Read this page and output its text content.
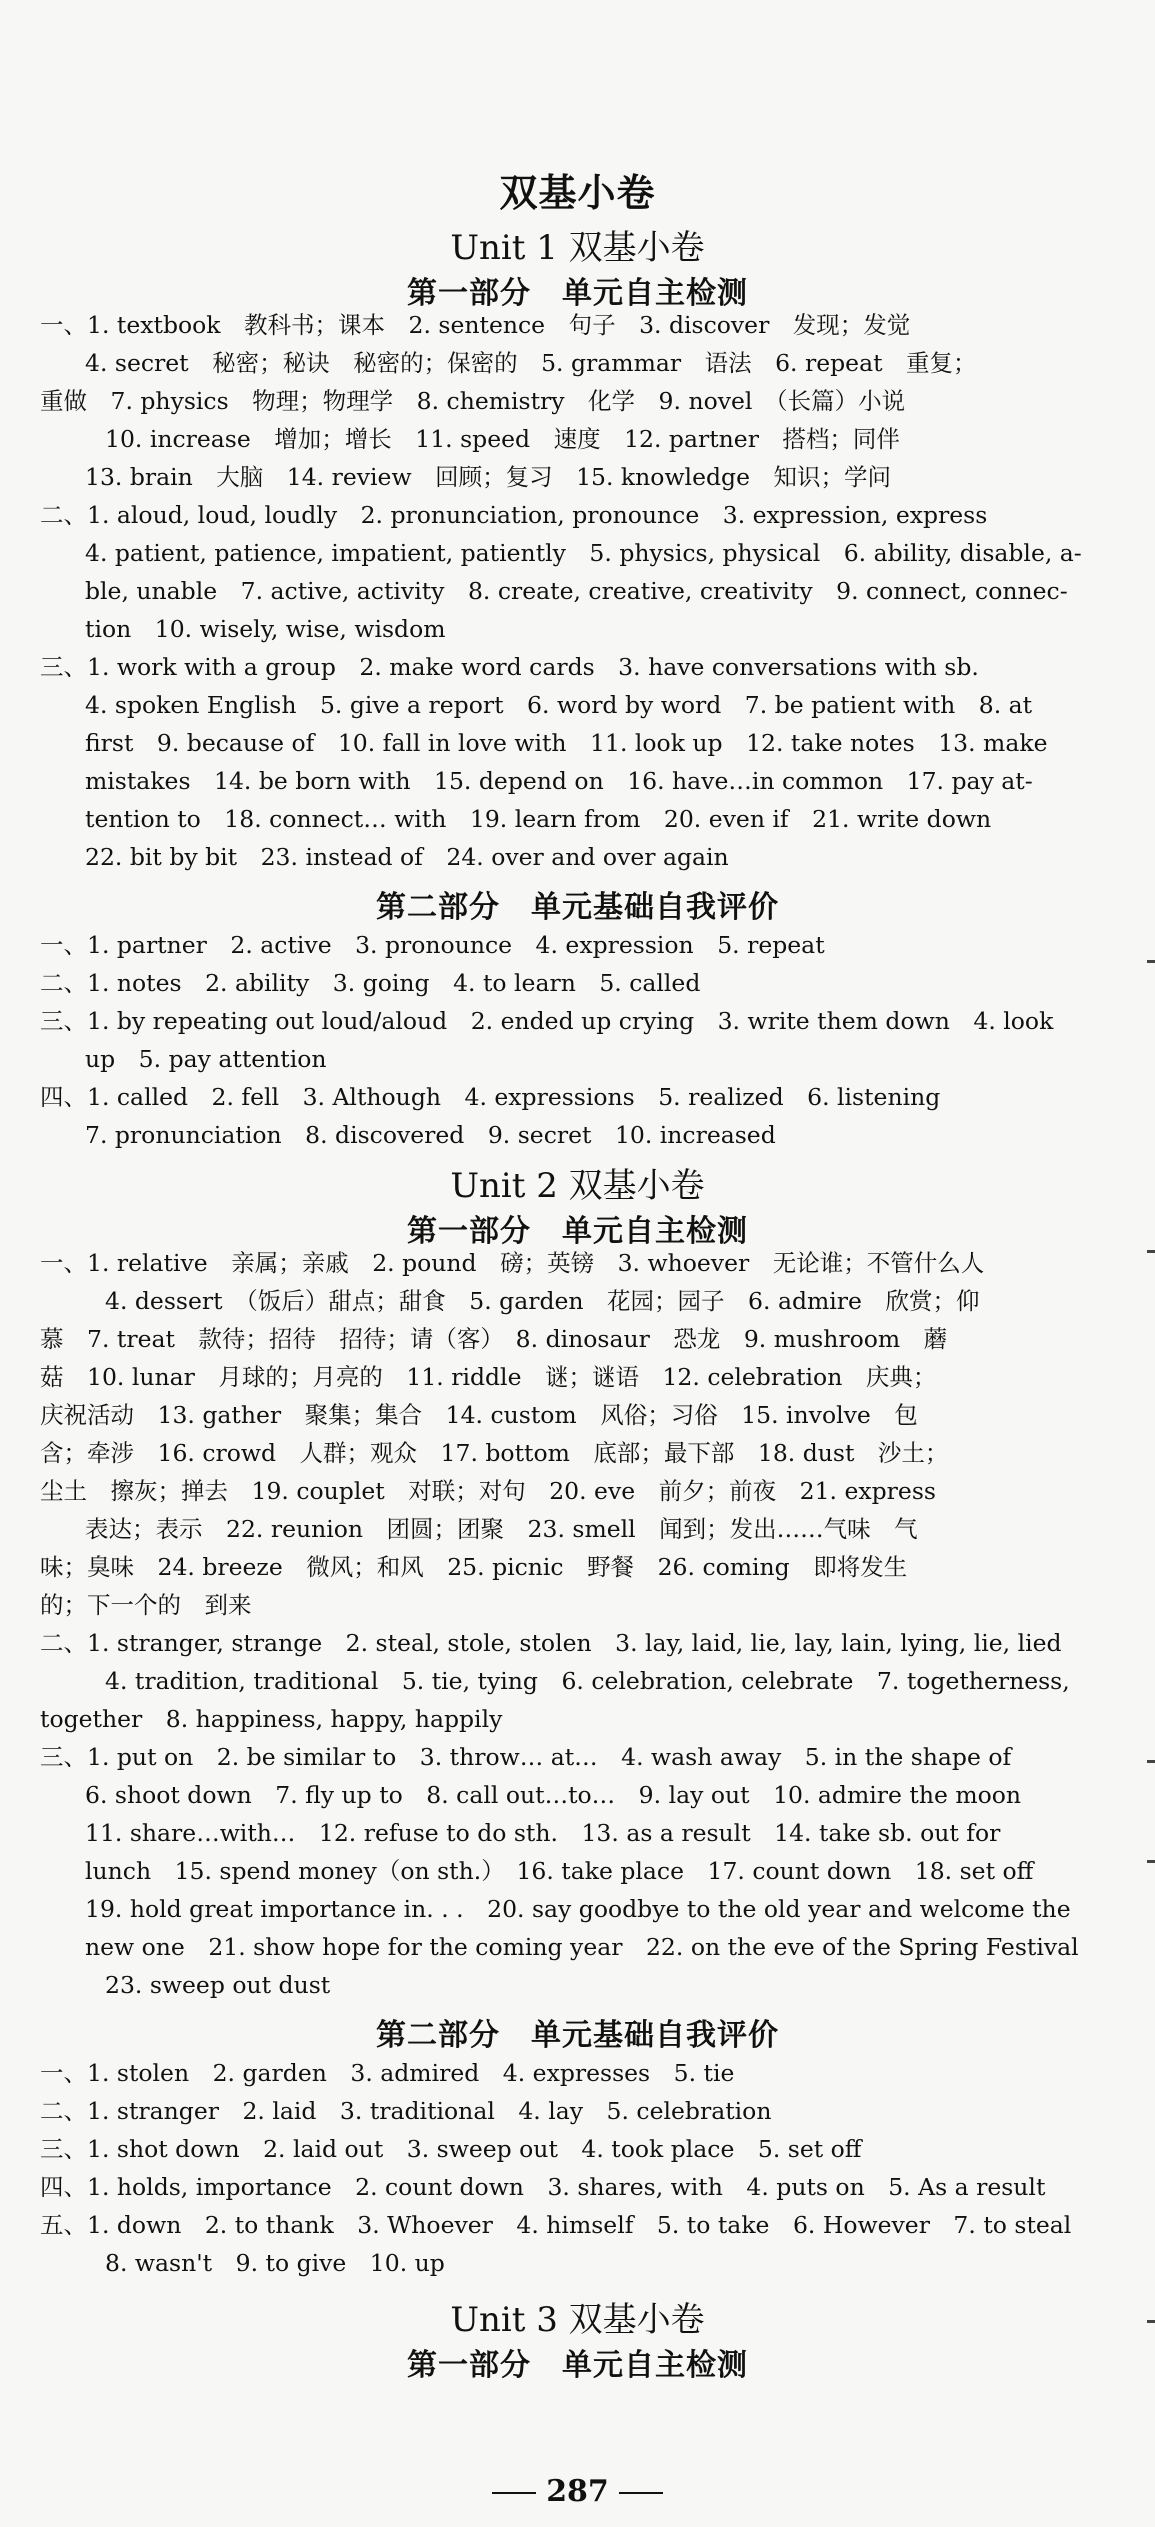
双基小卷
Unit 1 双基小卷
第一部分　单元自主检测
一、1. textbook　教科书；课本　2. sentence　句子　3. discover　发现；发觉
4. secret　秘密；秘诀　秘密的；保密的　5. grammar　语法　6. repeat　重复；
重做　7. physics　物理；物理学　8. chemistry　化学　9. novel　（长篇）小说
10. increase　增加；增长　11. speed　速度　12. partner　搭档；同伴
13. brain　大脑　14. review　回顾；复习　15. knowledge　知识；学问
二、1. aloud, loud, loudly　2. pronunciation, pronounce　3. expression, express
4. patient, patience, impatient, patiently　5. physics, physical　6. ability, disable, a-
ble, unable　7. active, activity　8. create, creative, creativity　9. connect, connec-
tion　10. wisely, wise, wisdom
三、1. work with a group　2. make word cards　3. have conversations with sb.
4. spoken English　5. give a report　6. word by word　7. be patient with　8. at
first　9. because of　10. fall in love with　11. look up　12. take notes　13. make
mistakes　14. be born with　15. depend on　16. have…in common　17. pay at-
tention to　18. connect… with　19. learn from　20. even if　21. write down
22. bit by bit　23. instead of　24. over and over again
第二部分　单元基础自我评价
一、1. partner　2. active　3. pronounce　4. expression　5. repeat
二、1. notes　2. ability　3. going　4. to learn　5. called
三、1. by repeating out loud/aloud　2. ended up crying　3. write them down　4. look
up　5. pay attention
四、1. called　2. fell　3. Although　4. expressions　5. realized　6. listening
7. pronunciation　8. discovered　9. secret　10. increased
Unit 2 双基小卷
第一部分　单元自主检测
一、1. relative　亲属；亲戚　2. pound　磅；英镑　3. whoever　无论谁；不管什么人
4. dessert　（饭后）甜点；甜食　5. garden　花园；园子　6. admire　欣赏；仰
慕　7. treat　款待；招待　招待；请（客）　8. dinosaur　恐龙　9. mushroom　蘑
菇　10. lunar　月球的；月亮的　11. riddle　谜；谜语　12. celebration　庆典；
庆祝活动　13. gather　聚集；集合　14. custom　风俗；习俗　15. involve　包
含；牵涉　16. crowd　人群；观众　17. bottom　底部；最下部　18. dust　沙土；
尘土　擦灰；掸去　19. couplet　对联；对句　20. eve　前夕；前夜　21. express
表达；表示　22. reunion　团圆；团聚　23. smell　闻到；发出……气味　气
味；臭味　24. breeze　微风；和风　25. picnic　野餐　26. coming　即将发生
的；下一个的　到来
二、1. stranger, strange　2. steal, stole, stolen　3. lay, laid, lie, lay, lain, lying, lie, lied
4. tradition, traditional　5. tie, tying　6. celebration, celebrate　7. togetherness,
together　8. happiness, happy, happily
三、1. put on　2. be similar to　3. throw… at…　4. wash away　5. in the shape of
6. shoot down　7. fly up to　8. call out…to…　9. lay out　10. admire the moon
11. share…with…　12. refuse to do sth.　13. as a result　14. take sb. out for
lunch　15. spend money（on sth.）　16. take place　17. count down　18. set off
19. hold great importance in. . .　20. say goodbye to the old year and welcome the
new one　21. show hope for the coming year　22. on the eve of the Spring Festival
23. sweep out dust
第二部分　单元基础自我评价
一、1. stolen　2. garden　3. admired　4. expresses　5. tie
二、1. stranger　2. laid　3. traditional　4. lay　5. celebration
三、1. shot down　2. laid out　3. sweep out　4. took place　5. set off
四、1. holds, importance　2. count down　3. shares, with　4. puts on　5. As a result
五、1. down　2. to thank　3. Whoever　4. himself　5. to take　6. However　7. to steal
8. wasn't　9. to give　10. up
Unit 3 双基小卷
第一部分　单元自主检测
287
